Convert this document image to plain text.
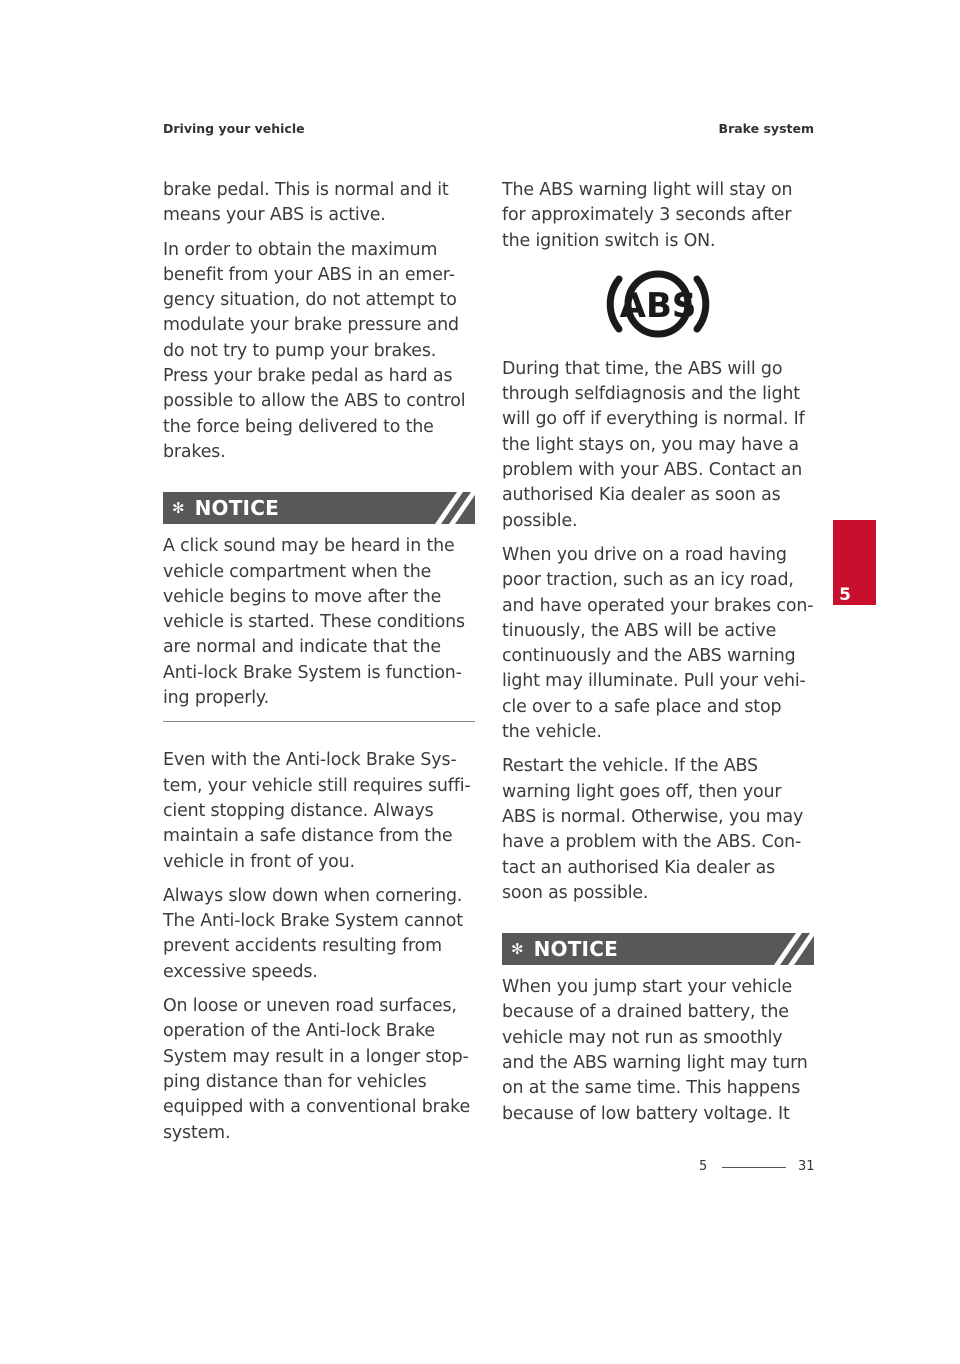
Driving your vehicle	Brake system

brake pedal. This is normal and it means your ABS is active.

In order to obtain the maximum benefit from your ABS in an emer-gency situation, do not attempt to modulate your brake pressure and do not try to pump your brakes. Press your brake pedal as hard as possible to allow the ABS to control the force being delivered to the brakes.

✻ NOTICE

A click sound may be heard in the vehicle compartment when the vehicle begins to move after the vehicle is started. These conditions are normal and indicate that the Anti-lock Brake System is function-ing properly.

Even with the Anti-lock Brake Sys-tem, your vehicle still requires suffi-cient stopping distance. Always maintain a safe distance from the vehicle in front of you.

Always slow down when cornering. The Anti-lock Brake System cannot prevent accidents resulting from excessive speeds.

On loose or uneven road surfaces, operation of the Anti-lock Brake System may result in a longer stop-ping distance than for vehicles equipped with a conventional brake system.

The ABS warning light will stay on for approximately 3 seconds after the ignition switch is ON.

ABS

During that time, the ABS will go through selfdiagnosis and the light will go off if everything is normal. If the light stays on, you may have a problem with your ABS. Contact an authorised Kia dealer as soon as possible.

When you drive on a road having poor traction, such as an icy road, and have operated your brakes con-tinuously, the ABS will be active continuously and the ABS warning light may illuminate. Pull your vehi-cle over to a safe place and stop the vehicle.

Restart the vehicle. If the ABS warning light goes off, then your ABS is normal. Otherwise, you may have a problem with the ABS. Con-tact an authorised Kia dealer as soon as possible.

✻ NOTICE

When you jump start your vehicle because of a drained battery, the vehicle may not run as smoothly and the ABS warning light may turn on at the same time. This happens because of low battery voltage. It

5
5	31
